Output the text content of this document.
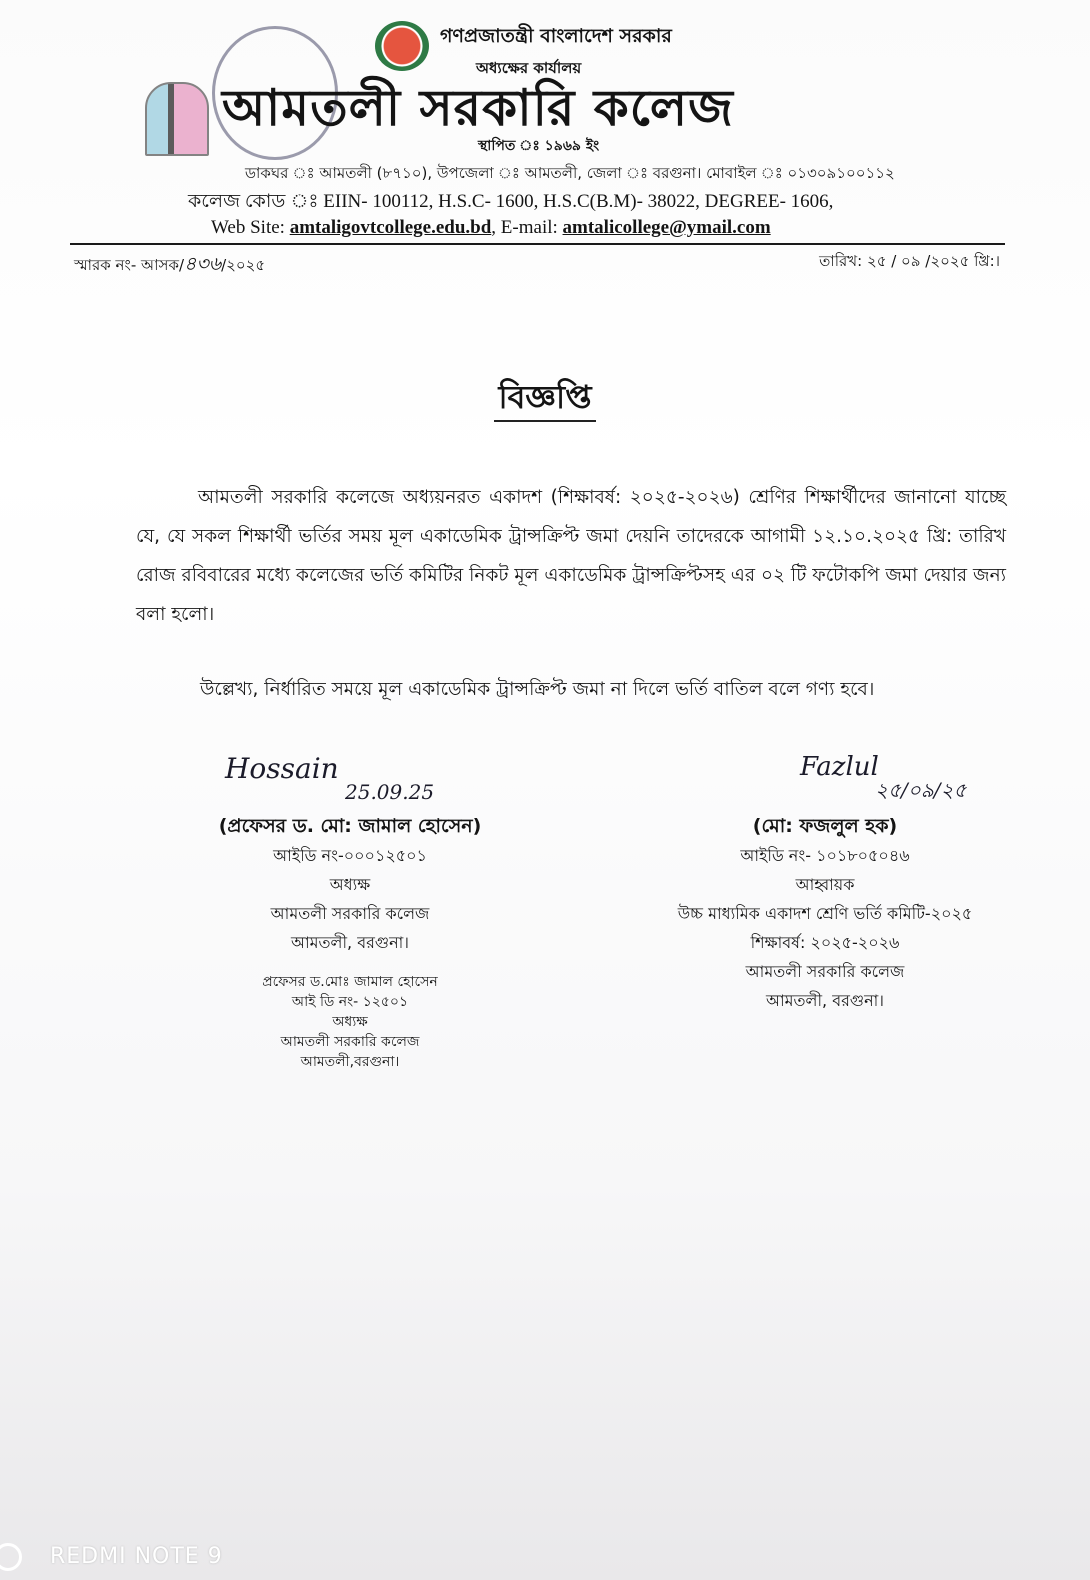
গণপ্রজাতন্ত্রী বাংলাদেশ সরকার
অধ্যক্ষের কার্যালয়
আমতলী সরকারি কলেজ
স্থাপিত ঃ ১৯৬৯ ইং
ডাকঘর ঃ আমতলী (৮৭১০), উপজেলা ঃ আমতলী, জেলা ঃ বরগুনা। মোবাইল ঃ ০১৩০৯১০০১১২
কলেজ কোড ঃ EIIN- 100112, H.S.C- 1600, H.S.C(B.M)- 38022, DEGREE- 1606,
Web Site: amtaligovtcollege.edu.bd, E-mail: amtalicollege@ymail.com
স্মারক নং- আসক/৪৩৬/২০২৫	তারিখ: ২৫ / ০৯ /২০২৫ খ্রি:।
বিজ্ঞপ্তি
আমতলী সরকারি কলেজে অধ্যয়নরত একাদশ (শিক্ষাবর্ষ: ২০২৫-২০২৬) শ্রেণির শিক্ষার্থীদের জানানো যাচ্ছে যে, যে সকল শিক্ষার্থী ভর্তির সময় মূল একাডেমিক ট্রান্সক্রিপ্ট জমা দেয়নি তাদেরকে আগামী ১২.১০.২০২৫ খ্রি: তারিখ রোজ রবিবারের মধ্যে কলেজের ভর্তি কমিটির নিকট মূল একাডেমিক ট্রান্সক্রিপ্টসহ এর ০২ টি ফটোকপি জমা দেয়ার জন্য বলা হলো।
উল্লেখ্য, নির্ধারিত সময়ে মূল একাডেমিক ট্রান্সক্রিপ্ট জমা না দিলে ভর্তি বাতিল বলে গণ্য হবে।
Hossain
25.09.25
Fazlul
২৫/০৯/২৫
(প্রফেসর ড. মো: জামাল হোসেন)
আইডি নং-০০০১২৫০১
অধ্যক্ষ
আমতলী সরকারি কলেজ
আমতলী, বরগুনা।
প্রফেসর ড.মোঃ জামাল হোসেন
আই ডি নং- ১২৫০১
অধ্যক্ষ
আমতলী সরকারি কলেজ
আমতলী,বরগুনা।
(মো: ফজলুল হক)
আইডি নং- ১০১৮০৫০৪৬
আহ্বায়ক
উচ্চ মাধ্যমিক একাদশ শ্রেণি ভর্তি কমিটি-২০২৫
শিক্ষাবর্ষ: ২০২৫-২০২৬
আমতলী সরকারি কলেজ
আমতলী, বরগুনা।
REDMI NOTE 9
